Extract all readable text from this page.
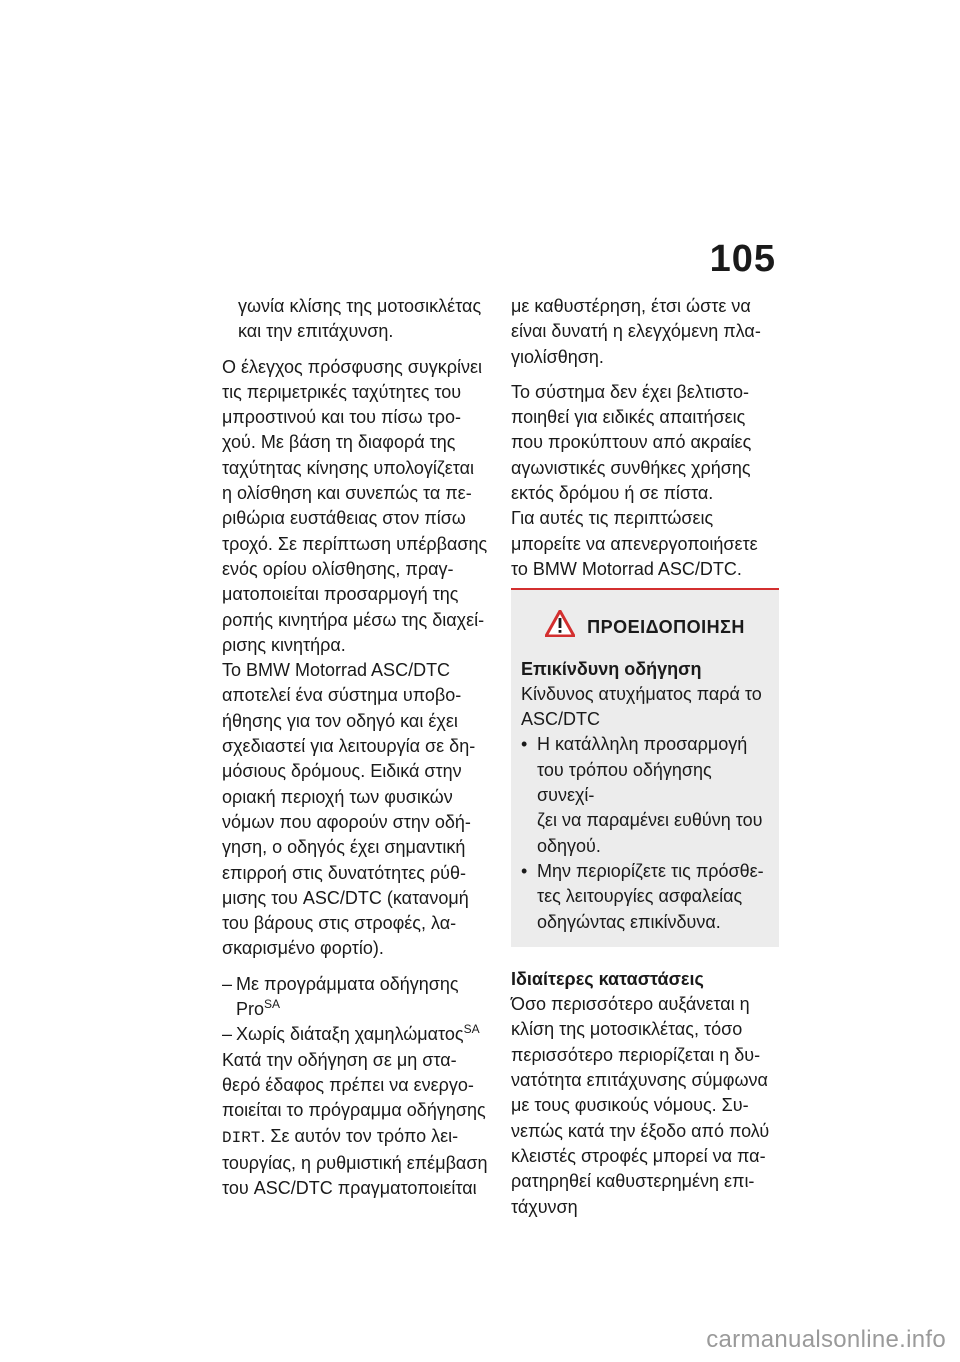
105

γωνία κλίσης της μοτοσικλέτας
και την επιτάχυνση.

Ο έλεγχος πρόσφυσης συγκρίνει
τις περιμετρικές ταχύτητες του
μπροστινού και του πίσω τρο-
χού. Με βάση τη διαφορά της
ταχύτητας κίνησης υπολογίζεται
η ολίσθηση και συνεπώς τα πε-
ριθώρια ευστάθειας στον πίσω
τροχό. Σε περίπτωση υπέρβασης
ενός ορίου ολίσθησης, πραγ-
ματοποιείται προσαρμογή της
ροπής κινητήρα μέσω της διαχεί-
ρισης κινητήρα.

Το BMW Motorrad ASC/DTC
αποτελεί ένα σύστημα υποβο-
ήθησης για τον οδηγό και έχει
σχεδιαστεί για λειτουργία σε δη-
μόσιους δρόμους. Ειδικά στην
οριακή περιοχή των φυσικών
νόμων που αφορούν στην οδή-
γηση, ο οδηγός έχει σημαντική
επιρροή στις δυνατότητες ρύθ-
μισης του ASC/DTC (κατανομή
του βάρους στις στροφές, λα-
σκαρισμένο φορτίο).

– Με προγράμματα οδήγησης
Pro$^{SA}$
– Χωρίς διάταξη χαμηλώματος$^{SA}$

Κατά την οδήγηση σε μη στα-
θερό έδαφος πρέπει να ενεργο-
ποιείται το πρόγραμμα οδήγησης
DIRT. Σε αυτόν τον τρόπο λει-
τουργίας, η ρυθμιστική επέμβαση
του ASC/DTC πραγματοποιείται

με καθυστέρηση, έτσι ώστε να
είναι δυνατή η ελεγχόμενη πλα-
γιολίσθηση.

Το σύστημα δεν έχει βελτιστο-
ποιηθεί για ειδικές απαιτήσεις
που προκύπτουν από ακραίες
αγωνιστικές συνθήκες χρήσης
εκτός δρόμου ή σε πίστα.

Για αυτές τις περιπτώσεις
μπορείτε να απενεργοποιήσετε
το BMW Motorrad ASC/DTC.

ΠΡΟΕΙΔΟΠΟΙΗΣΗ

Επικίνδυνη οδήγηση

Κίνδυνος ατυχήματος παρά το
ASC/DTC

• Η κατάλληλη προσαρμογή
του τρόπου οδήγησης συνεχί-
ζει να παραμένει ευθύνη του
οδηγού.
• Μην περιορίζετε τις πρόσθε-
τες λειτουργίες ασφαλείας
οδηγώντας επικίνδυνα.

Ιδιαίτερες καταστάσεις

Όσο περισσότερο αυξάνεται η
κλίση της μοτοσικλέτας, τόσο
περισσότερο περιορίζεται η δυ-
νατότητα επιτάχυνσης σύμφωνα
με τους φυσικούς νόμους. Συ-
νεπώς κατά την έξοδο από πολύ
κλειστές στροφές μπορεί να πα-
ρατηρηθεί καθυστερημένη επι-
τάχυνση

carmanualsonline.info
